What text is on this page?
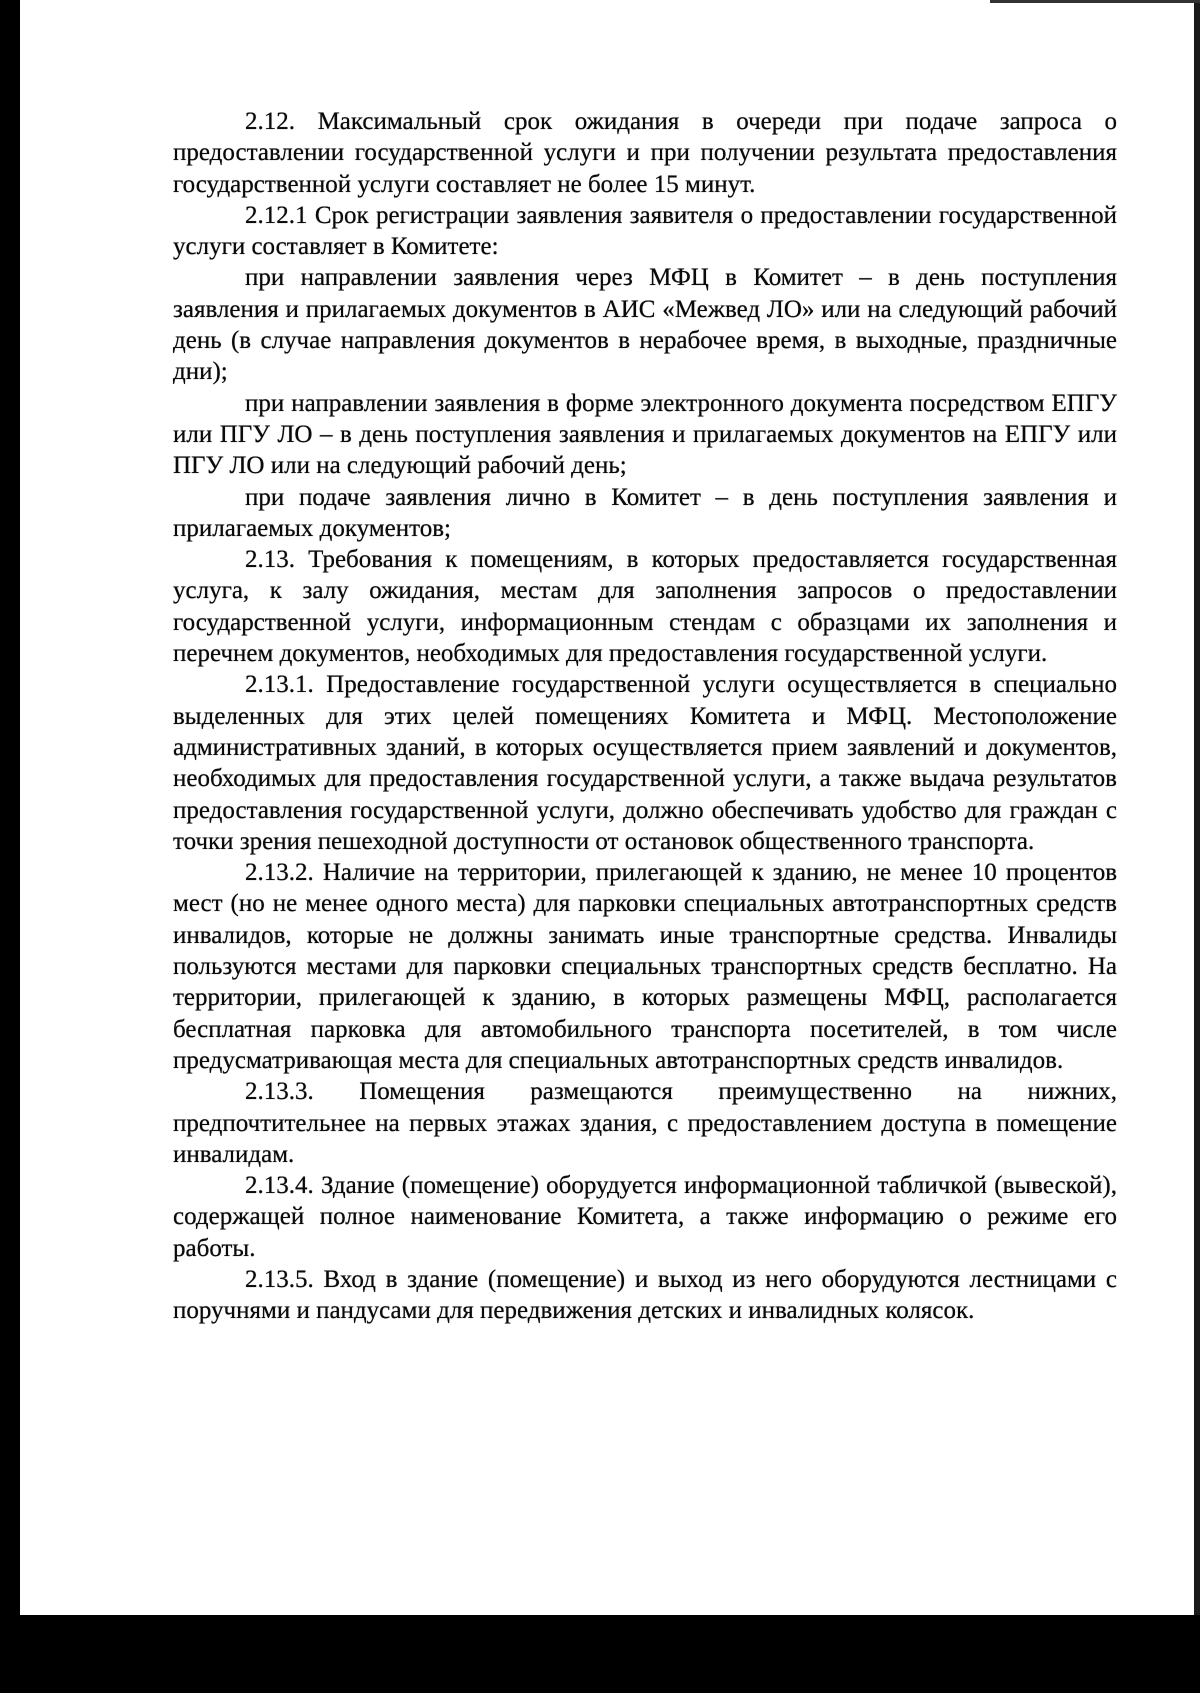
2.12. Максимальный срок ожидания в очереди при подаче запроса о предоставлении государственной услуги и при получении результата предоставления государственной услуги составляет не более 15 минут.

2.12.1 Срок регистрации заявления заявителя о предоставлении государственной услуги составляет в Комитете:

при направлении заявления через МФЦ в Комитет – в день поступления заявления и прилагаемых документов в АИС «Межвед ЛО» или на следующий рабочий день (в случае направления документов в нерабочее время, в выходные, праздничные дни);

при направлении заявления в форме электронного документа посредством ЕПГУ или ПГУ ЛО – в день поступления заявления и прилагаемых документов на ЕПГУ или ПГУ ЛО или на следующий рабочий день;

при подаче заявления лично в Комитет – в день поступления заявления и прилагаемых документов;

2.13. Требования к помещениям, в которых предоставляется государственная услуга, к залу ожидания, местам для заполнения запросов о предоставлении государственной услуги, информационным стендам с образцами их заполнения и перечнем документов, необходимых для предоставления государственной услуги.

2.13.1. Предоставление государственной услуги осуществляется в специально выделенных для этих целей помещениях Комитета и МФЦ. Местоположение административных зданий, в которых осуществляется прием заявлений и документов, необходимых для предоставления государственной услуги, а также выдача результатов предоставления государственной услуги, должно обеспечивать удобство для граждан с точки зрения пешеходной доступности от остановок общественного транспорта.

2.13.2. Наличие на территории, прилегающей к зданию, не менее 10 процентов мест (но не менее одного места) для парковки специальных автотранспортных средств инвалидов, которые не должны занимать иные транспортные средства. Инвалиды пользуются местами для парковки специальных транспортных средств бесплатно. На территории, прилегающей к зданию, в которых размещены МФЦ, располагается бесплатная парковка для автомобильного транспорта посетителей, в том числе предусматривающая места для специальных автотранспортных средств инвалидов.

2.13.3. Помещения размещаются преимущественно на нижних, предпочтительнее на первых этажах здания, с предоставлением доступа в помещение инвалидам.

2.13.4. Здание (помещение) оборудуется информационной табличкой (вывеской), содержащей полное наименование Комитета, а также информацию о режиме его работы.

2.13.5. Вход в здание (помещение) и выход из него оборудуются лестницами с поручнями и пандусами для передвижения детских и инвалидных колясок.
